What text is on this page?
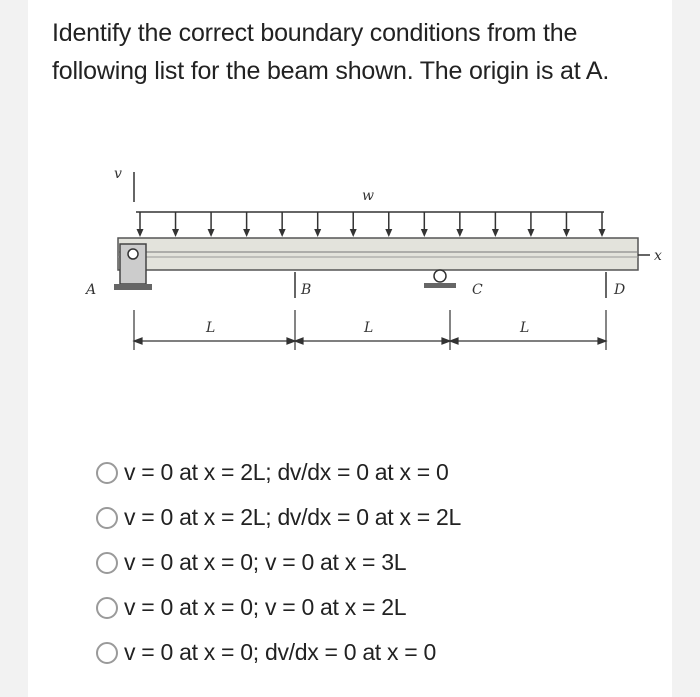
Identify the correct boundary conditions from the following list for the beam shown. The origin is at A.
v
w
x
A	B	C	D
L	L	L
v = 0 at x = 2L; dv/dx = 0 at x = 0
v = 0 at x = 2L; dv/dx = 0 at x = 2L
v = 0 at x = 0; v = 0 at x = 3L
v = 0 at x = 0; v = 0 at x = 2L
v = 0 at x = 0; dv/dx = 0 at x = 0
